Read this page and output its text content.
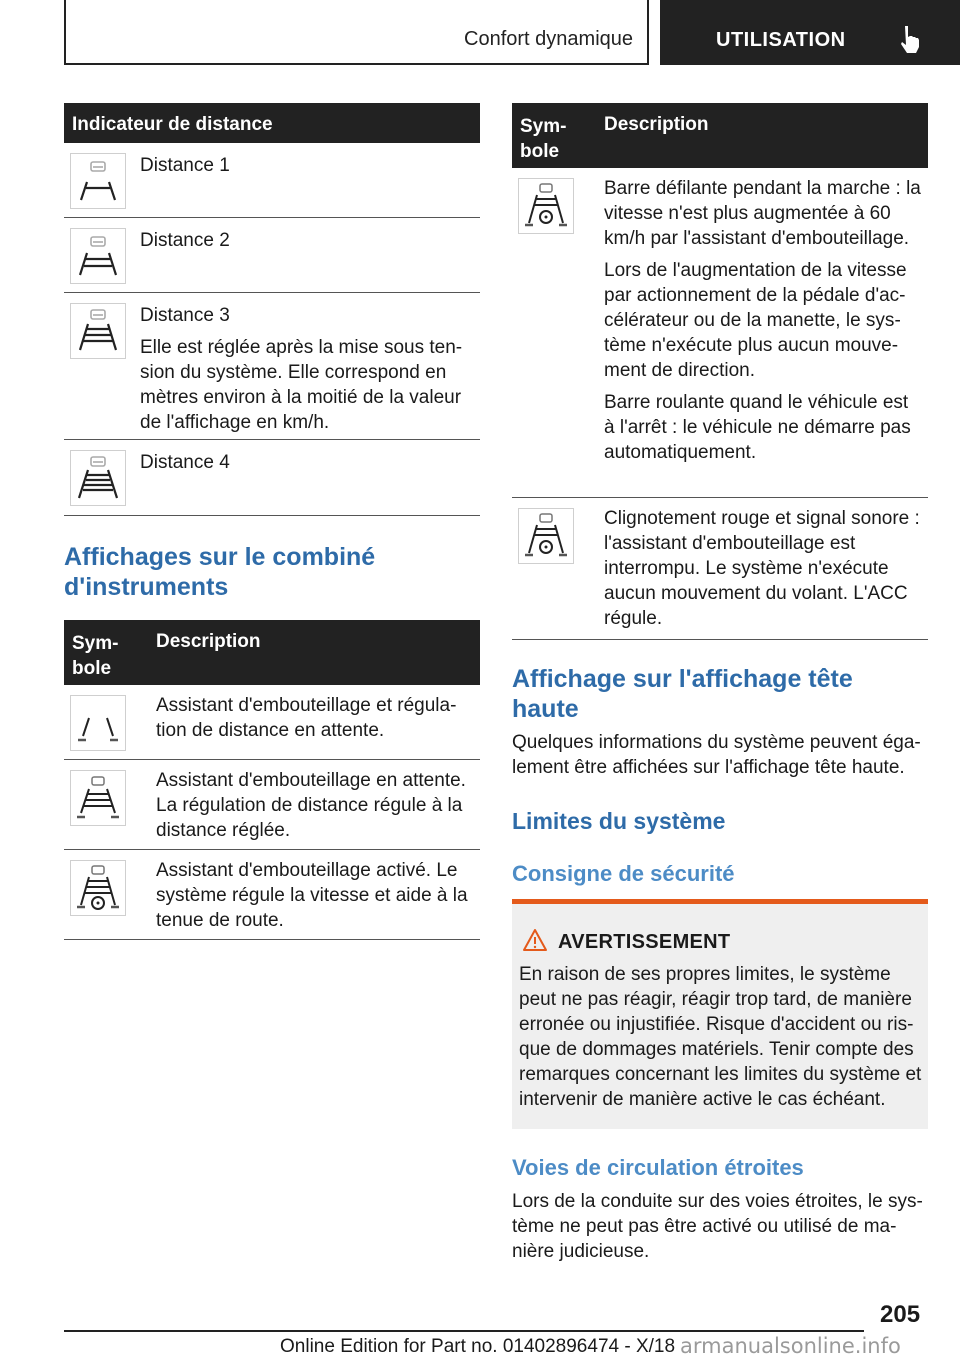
Confort dynamique	UTILISATION
Indicateur de distance

Distance 1

Distance 2

Distance 3

Elle est réglée après la mise sous tension du système. Elle correspond en mètres environ à la moitié de la valeur de l'affichage en km/h.

Distance 4

Affichages sur le combiné d'instruments
Symbole
Description

Assistant d'embouteillage et régulation de distance en attente.

Assistant d'embouteillage en attente. La régulation de distance régule à la distance réglée.

Assistant d'embouteillage activé. Le système régule la vitesse et aide à la tenue de route.

Symbole
Description

Barre défilante pendant la marche : la vitesse n'est plus augmentée à 60 km/h par l'assistant d'embouteillage.

Lors de l'augmentation de la vitesse par actionnement de la pédale d'accélérateur ou de la manette, le système n'exécute plus aucun mouvement de direction.

Barre roulante quand le véhicule est à l'arrêt : le véhicule ne démarre pas automatiquement.

Clignotement rouge et signal sonore : l'assistant d'embouteillage est interrompu. Le système n'exécute aucun mouvement du volant. L'ACC régule.

Affichage sur l'affichage tête haute
Quelques informations du système peuvent également être affichées sur l'affichage tête haute.
Limites du système
Consigne de sécurité
AVERTISSEMENT
En raison de ses propres limites, le système peut ne pas réagir, réagir trop tard, de manière erronée ou injustifiée. Risque d'accident ou risque de dommages matériels. Tenir compte des remarques concernant les limites du système et intervenir de manière active le cas échéant.
Voies de circulation étroites
Lors de la conduite sur des voies étroites, le système ne peut pas être activé ou utilisé de manière judicieuse.
205
Online Edition for Part no. 01402896474 - X/18 armanualsonline.info
